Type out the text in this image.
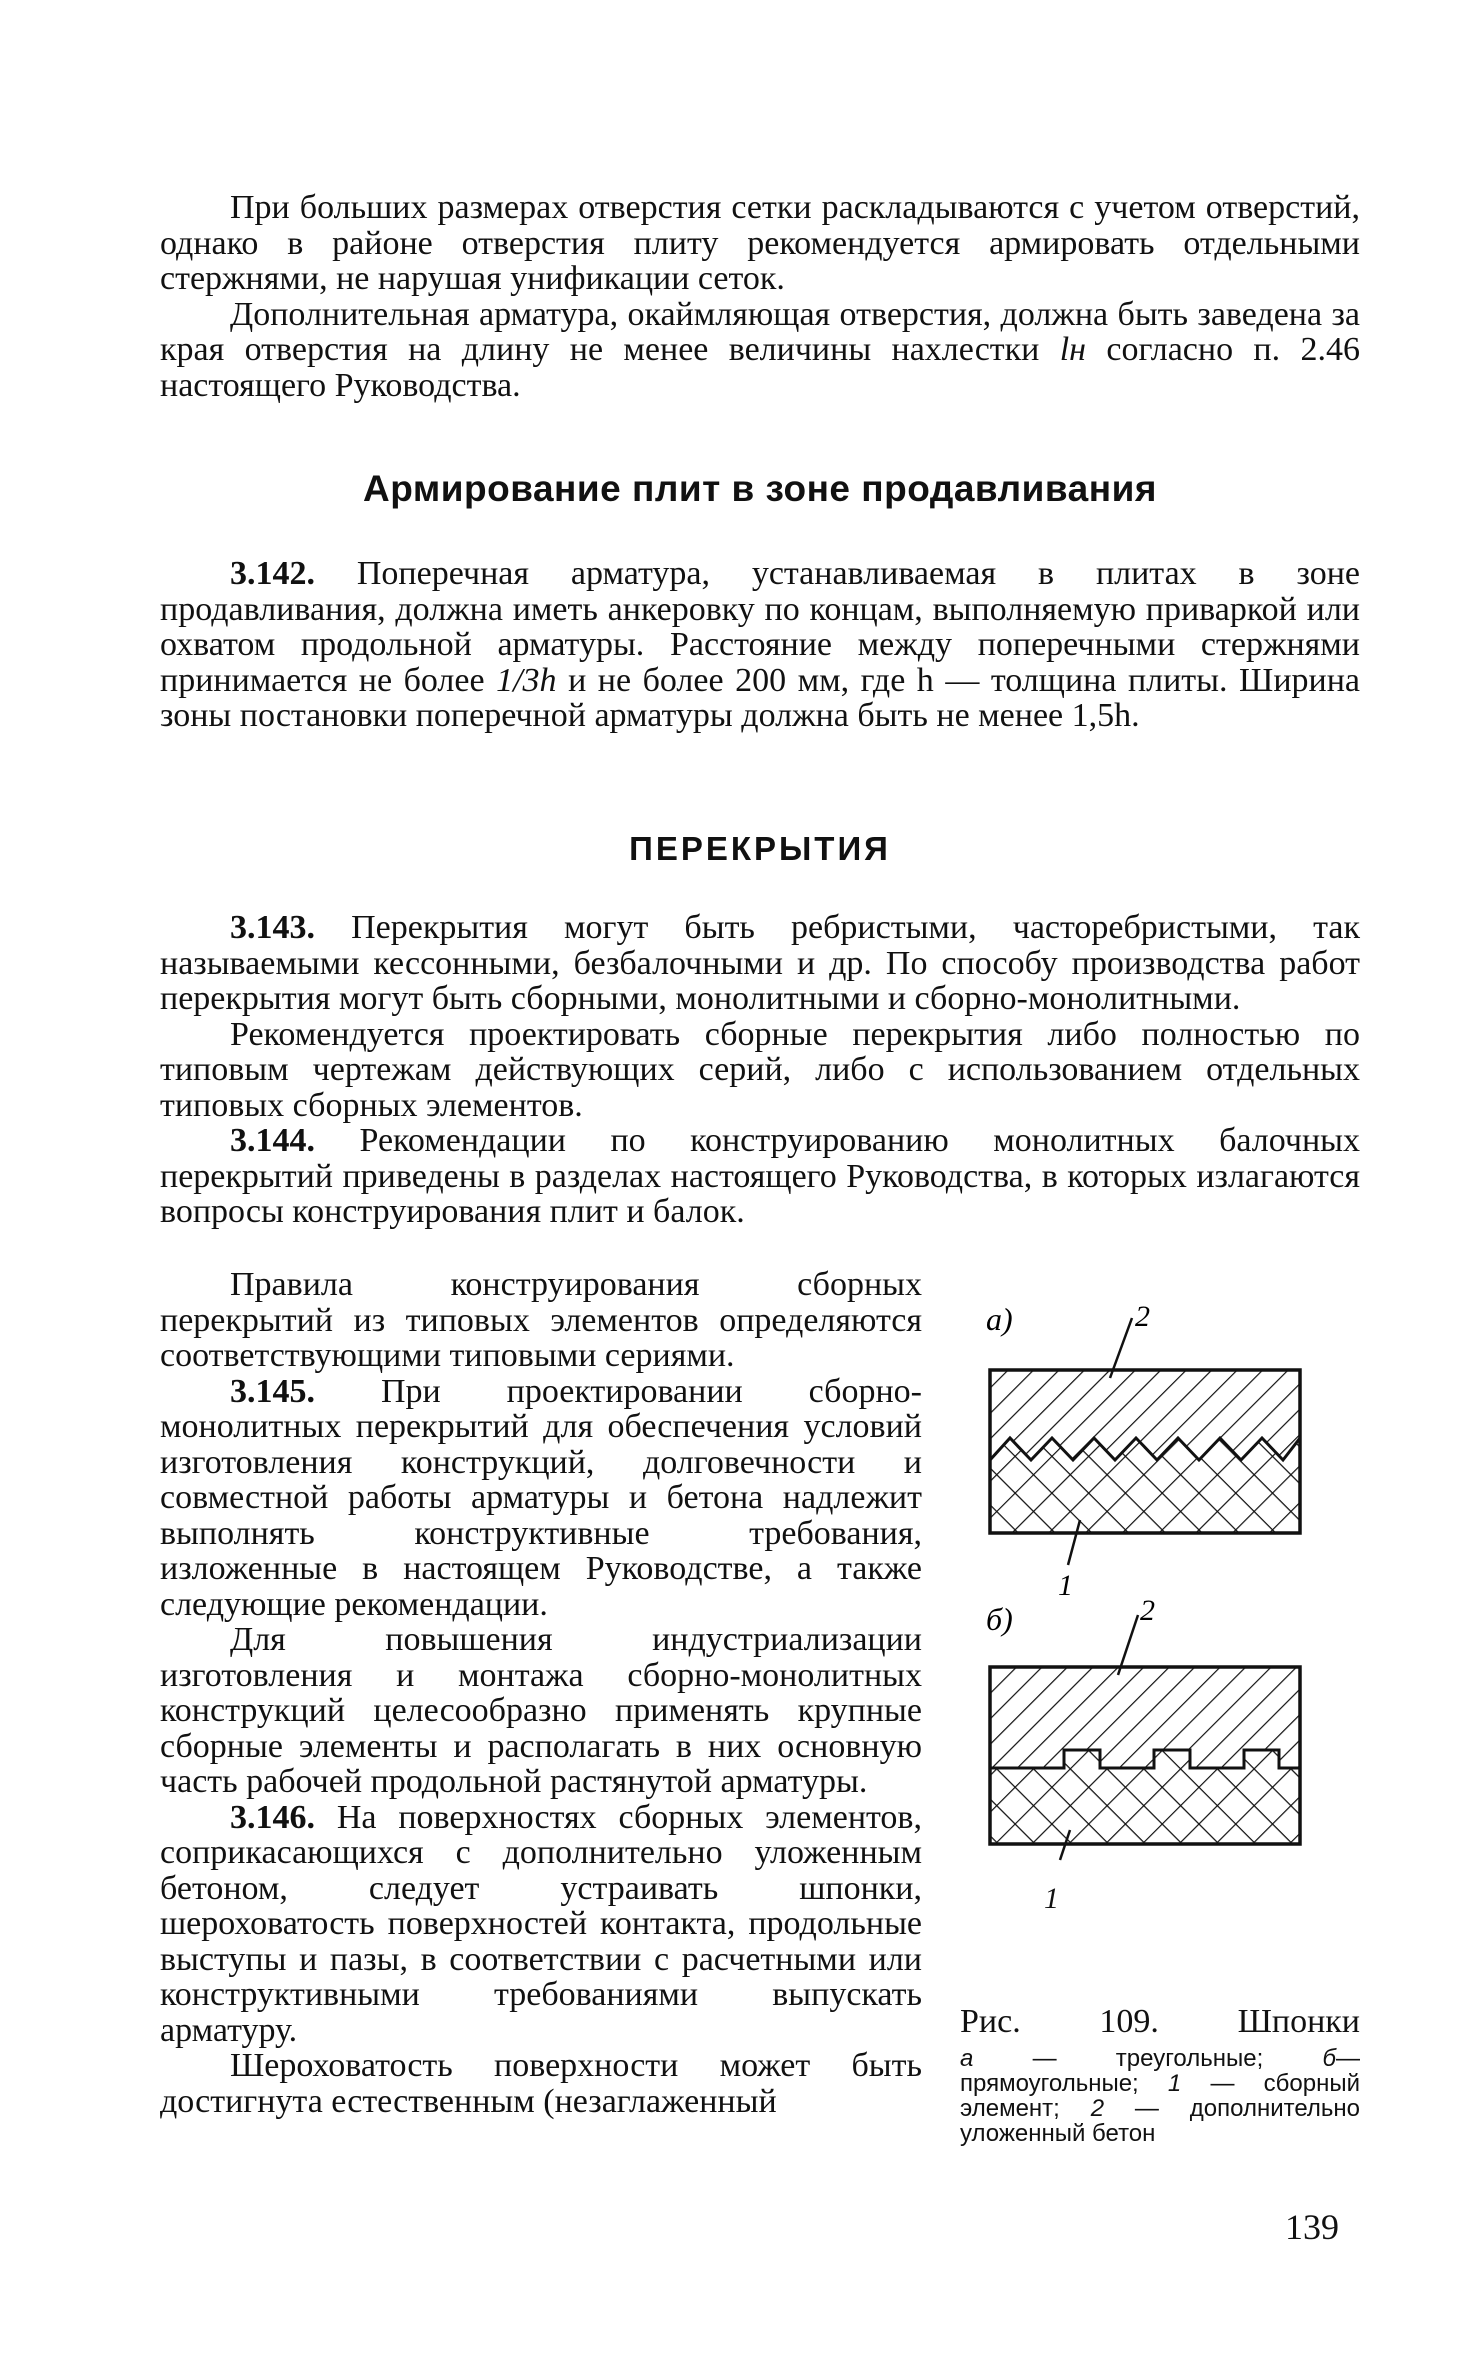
При больших размерах отверстия сетки раскладываются с учетом отверстий, однако в районе отверстия плиту рекомендуется армировать отдельными стержнями, не нарушая унификации сеток.

Дополнительная арматура, окаймляющая отверстия, должна быть заведена за края отверстия на длину не менее величины нахлестки lн согласно п. 2.46 настоящего Руководства.

Армирование плит в зоне продавливания

3.142. Поперечная арматура, устанавливаемая в плитах в зоне продавливания, должна иметь анкеровку по концам, выполняемую приваркой или охватом продольной арматуры. Расстояние между поперечными стержнями принимается не более 1/3h и не более 200 мм, где h — толщина плиты. Ширина зоны постановки поперечной арматуры должна быть не менее 1,5h.

ПЕРЕКРЫТИЯ

3.143. Перекрытия могут быть ребристыми, часторебристыми, так называемыми кессонными, безбалочными и др. По способу производства работ перекрытия могут быть сборными, монолитными и сборно-монолитными.

Рекомендуется проектировать сборные перекрытия либо полностью по типовым чертежам действующих серий, либо с использованием отдельных типовых сборных элементов.

3.144. Рекомендации по конструированию монолитных балочных перекрытий приведены в разделах настоящего Руководства, в которых излагаются вопросы конструирования плит и балок.

Правила конструирования сборных перекрытий из типовых элементов определяются соответствующими типовыми сериями.

3.145. При проектировании сборно-монолитных перекрытий для обеспечения условий изготовления конструкций, долговечности и совместной работы арматуры и бетона надлежит выполнять конструктивные требования, изложенные в настоящем Руководстве, а также следующие рекомендации.

Для повышения индустриализации изготовления и монтажа сборно-монолитных конструкций целесообразно применять крупные сборные элементы и располагать в них основную часть рабочей продольной растянутой арматуры.

3.146. На поверхностях сборных элементов, соприкасающихся с дополнительно уложенным бетоном, следует устраивать шпонки, шероховатость поверхностей контакта, продольные выступы и пазы, в соответствии с расчетными или конструктивными требованиями выпускать арматуру.

Шероховатость поверхности может быть достигнута естественным (незаглаженный

а)	2
1
б)	2
1
Рис. 109. Шпонки
а — треугольные; б—прямоугольные; 1 — сборный элемент; 2 — дополнительно уложенный бетон
139
